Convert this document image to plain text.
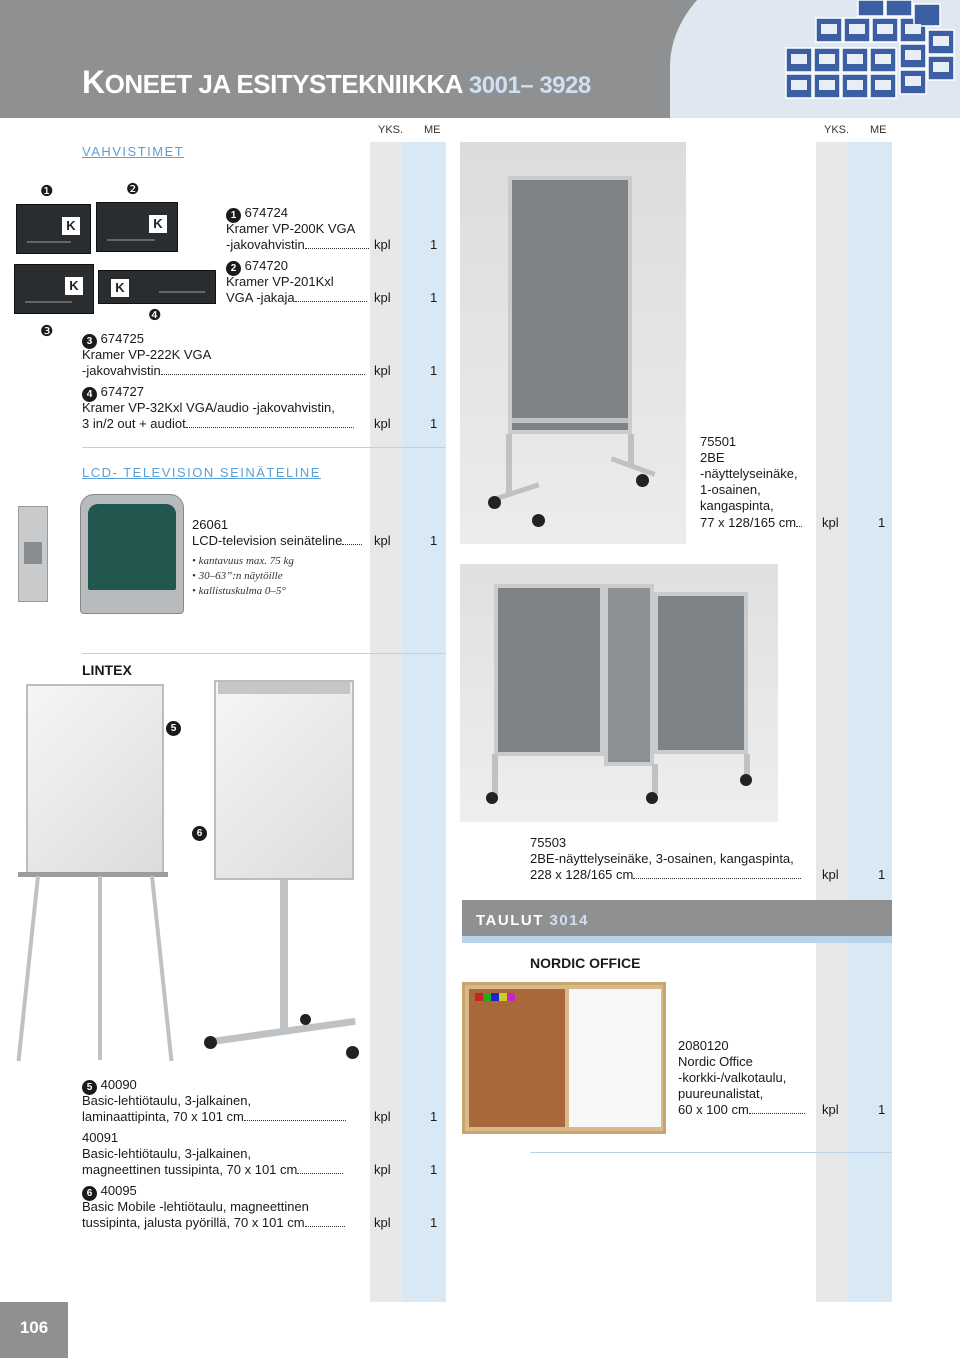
KONEET JA ESITYSTEKNIIKKA 3001– 3928
YKS. ME	YKS. ME
VAHVISTIMET
❶	❷
❸
❹
K	K
K	K
1 674724
Kramer VP-200K VGA
-jakovahvistin	kpl	1
2 674720
Kramer VP-201Kxl
VGA -jakaja	kpl	1
3 674725
Kramer VP-222K VGA
-jakovahvistin	kpl	1
4 674727
Kramer VP-32Kxl VGA/audio -jakovahvistin,
3 in/2 out + audiot	kpl	1
LCD- TELEVISION SEINÄTELINE
26061
LCD-television seinäteline	kpl	1
• kantavuus max. 75 kg
• 30–63”:n näytöille
• kallistuskulma 0–5°
LINTEX
5
6
5 40090
Basic-lehtiötaulu, 3-jalkainen,
laminaattipinta, 70 x 101 cm	kpl	1
40091
Basic-lehtiötaulu, 3-jalkainen,
magneettinen tussipinta, 70 x 101 cm	kpl	1
6 40095
Basic Mobile -lehtiötaulu, magneettinen
tussipinta, jalusta pyörillä, 70 x 101 cm	kpl	1
75501
2BE
-näyttelyseinäke,
1-osainen,
kangaspinta,
77 x 128/165 cm	kpl	1
75503
2BE-näyttelyseinäke, 3-osainen, kangaspinta,
228 x 128/165 cm	kpl	1
TAULUT 3014
NORDIC OFFICE
2080120
Nordic Office
-korkki-/valkotaulu,
puureunalistat,
60 x 100 cm	kpl	1
106
